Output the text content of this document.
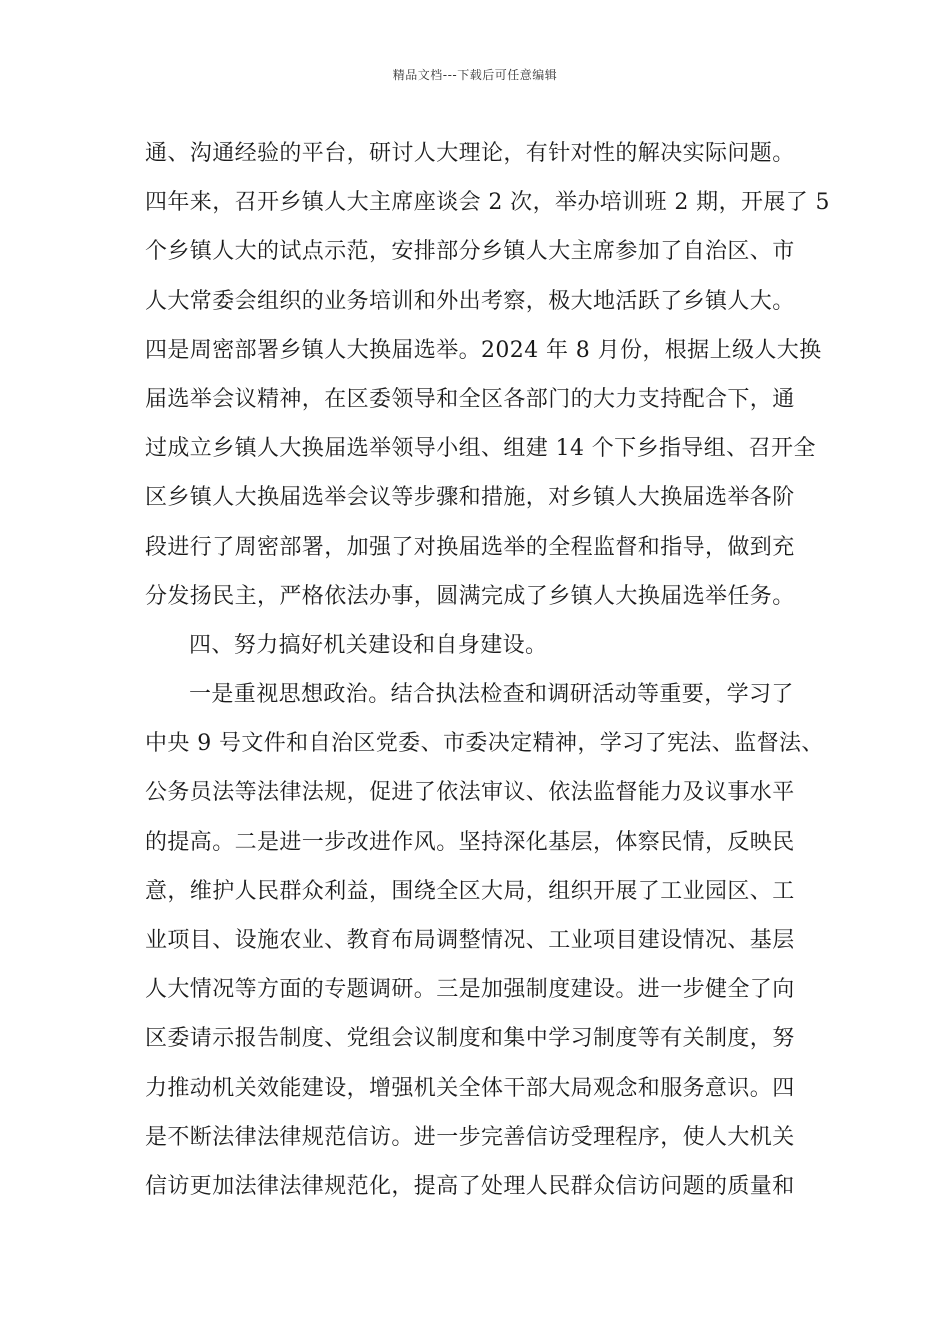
精品文档---下载后可任意编辑
通、沟通经验的平台，研讨人大理论，有针对性的解决实际问题。
四年来，召开乡镇人大主席座谈会 2 次，举办培训班 2 期，开展了 5
个乡镇人大的试点示范，安排部分乡镇人大主席参加了自治区、市
人大常委会组织的业务培训和外出考察，极大地活跃了乡镇人大。
四是周密部署乡镇人大换届选举。2024 年 8 月份，根据上级人大换
届选举会议精神，在区委领导和全区各部门的大力支持配合下，通
过成立乡镇人大换届选举领导小组、组建 14 个下乡指导组、召开全
区乡镇人大换届选举会议等步骤和措施，对乡镇人大换届选举各阶
段进行了周密部署，加强了对换届选举的全程监督和指导，做到充
分发扬民主，严格依法办事，圆满完成了乡镇人大换届选举任务。
四、努力搞好机关建设和自身建设。
一是重视思想政治。结合执法检查和调研活动等重要，学习了
中央 9 号文件和自治区党委、市委决定精神，学习了宪法、监督法、
公务员法等法律法规，促进了依法审议、依法监督能力及议事水平
的提高。二是进一步改进作风。坚持深化基层，体察民情，反映民
意，维护人民群众利益，围绕全区大局，组织开展了工业园区、工
业项目、设施农业、教育布局调整情况、工业项目建设情况、基层
人大情况等方面的专题调研。三是加强制度建设。进一步健全了向
区委请示报告制度、党组会议制度和集中学习制度等有关制度，努
力推动机关效能建设，增强机关全体干部大局观念和服务意识。四
是不断法律法律规范信访。进一步完善信访受理程序，使人大机关
信访更加法律法律规范化，提高了处理人民群众信访问题的质量和
